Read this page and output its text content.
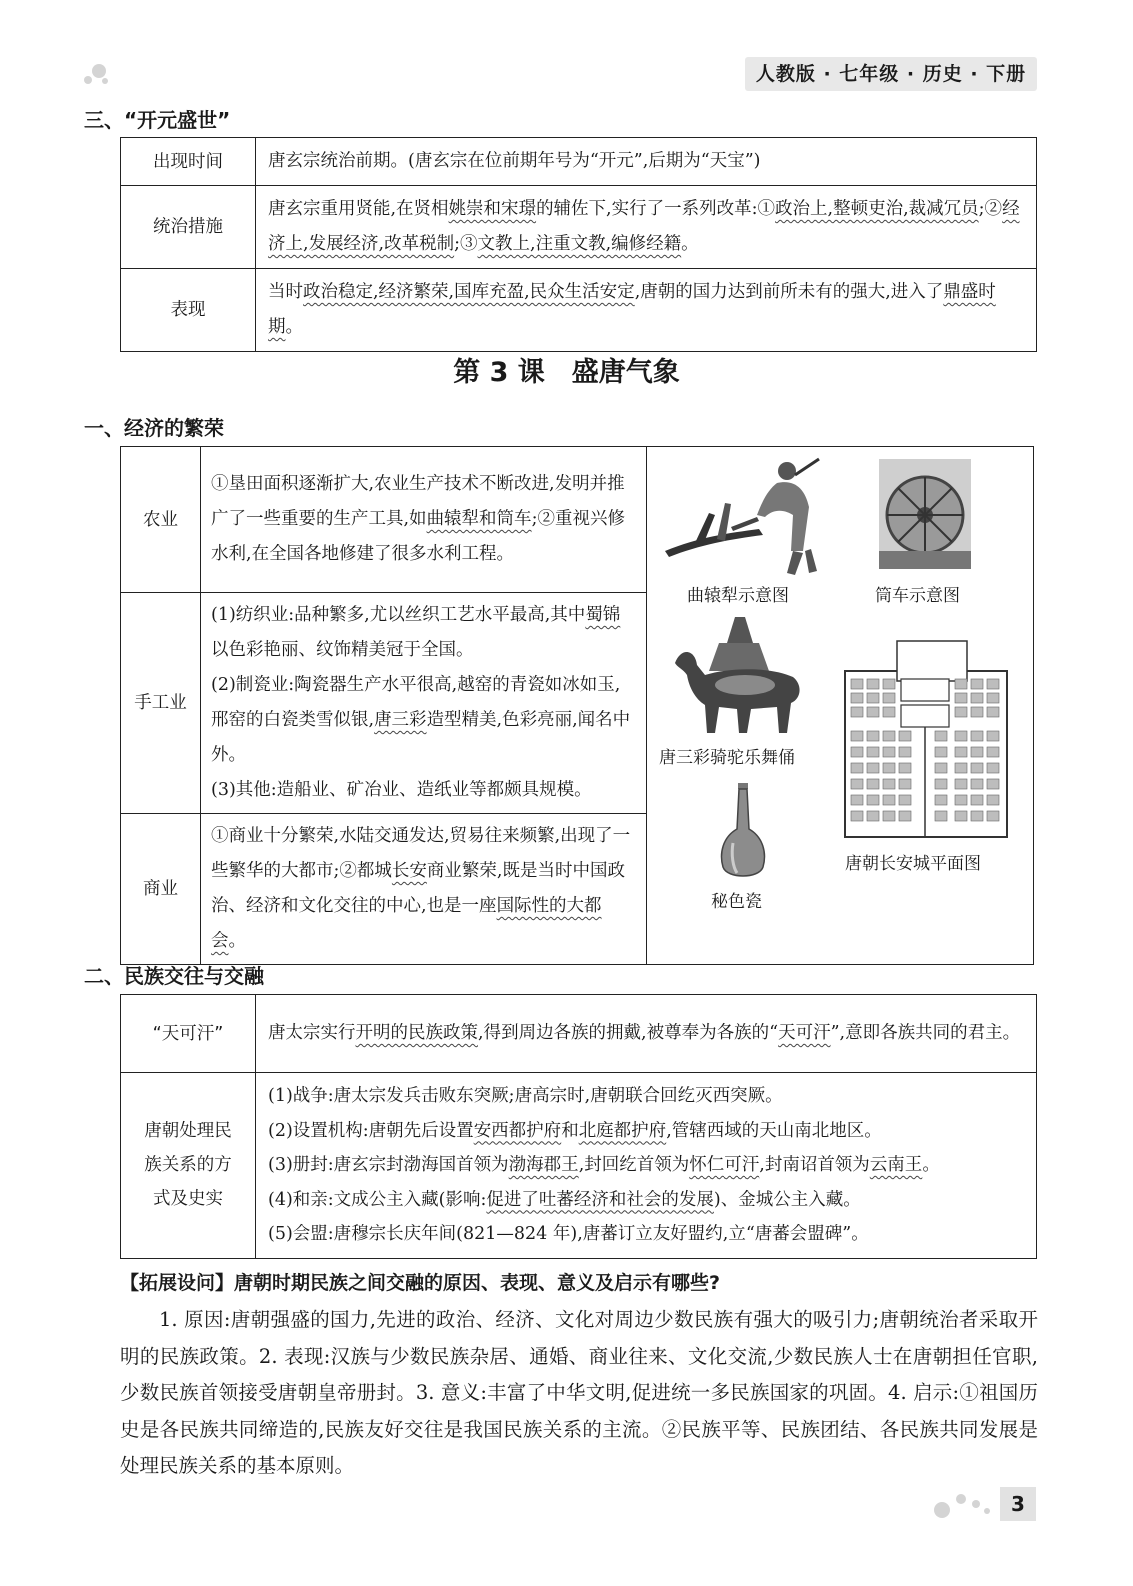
人教版 · 七年级 · 历史 · 下册
三、“开元盛世”
出现时间	唐玄宗统治前期。(唐玄宗在位前期年号为“开元”,后期为“天宝”)
统治措施	唐玄宗重用贤能,在贤相姚崇和宋璟的辅佐下,实行了一系列改革:①政治上,整顿吏治,裁减冗员;②经济上,发展经济,改革税制;③文教上,注重文教,编修经籍。
表现	当时政治稳定,经济繁荣,国库充盈,民众生活安定,唐朝的国力达到前所未有的强大,进入了鼎盛时期。
第 3 课　盛唐气象
一、经济的繁荣
农业	①垦田面积逐渐扩大,农业生产技术不断改进,发明并推广了一些重要的生产工具,如曲辕犁和筒车;②重视兴修水利,在全国各地修建了很多水利工程。	曲辕犁示意图 筒车示意图
唐三彩骑驼乐舞俑
唐朝长安城平面图
秘色瓷

手工业	(1)纺织业:品种繁多,尤以丝织工艺水平最高,其中蜀锦以色彩艳丽、纹饰精美冠于全国。
(2)制瓷业:陶瓷器生产水平很高,越窑的青瓷如冰如玉,邢窑的白瓷类雪似银,唐三彩造型精美,色彩亮丽,闻名中外。
(3)其他:造船业、矿冶业、造纸业等都颇具规模。	

商业	①商业十分繁荣,水陆交通发达,贸易往来频繁,出现了一些繁华的大都市;②都城长安商业繁荣,既是当时中国政治、经济和文化交往的中心,也是一座国际性的大都会。	
二、民族交往与交融
“天可汗”	唐太宗实行开明的民族政策,得到周边各族的拥戴,被尊奉为各族的“天可汗”,意即各族共同的君主。
唐朝处理民族关系的方式及史实	(1)战争:唐太宗发兵击败东突厥;唐高宗时,唐朝联合回纥灭西突厥。
(2)设置机构:唐朝先后设置安西都护府和北庭都护府,管辖西域的天山南北地区。
(3)册封:唐玄宗封渤海国首领为渤海郡王,封回纥首领为怀仁可汗,封南诏首领为云南王。
(4)和亲:文成公主入藏(影响:促进了吐蕃经济和社会的发展)、金城公主入藏。
(5)会盟:唐穆宗长庆年间(821—824 年),唐蕃订立友好盟约,立“唐蕃会盟碑”。
【拓展设问】唐朝时期民族之间交融的原因、表现、意义及启示有哪些?
1. 原因:唐朝强盛的国力,先进的政治、经济、文化对周边少数民族有强大的吸引力;唐朝统治者采取开明的民族政策。2. 表现:汉族与少数民族杂居、通婚、商业往来、文化交流,少数民族人士在唐朝担任官职,少数民族首领接受唐朝皇帝册封。3. 意义:丰富了中华文明,促进统一多民族国家的巩固。4. 启示:①祖国历史是各民族共同缔造的,民族友好交往是我国民族关系的主流。②民族平等、民族团结、各民族共同发展是处理民族关系的基本原则。
3
